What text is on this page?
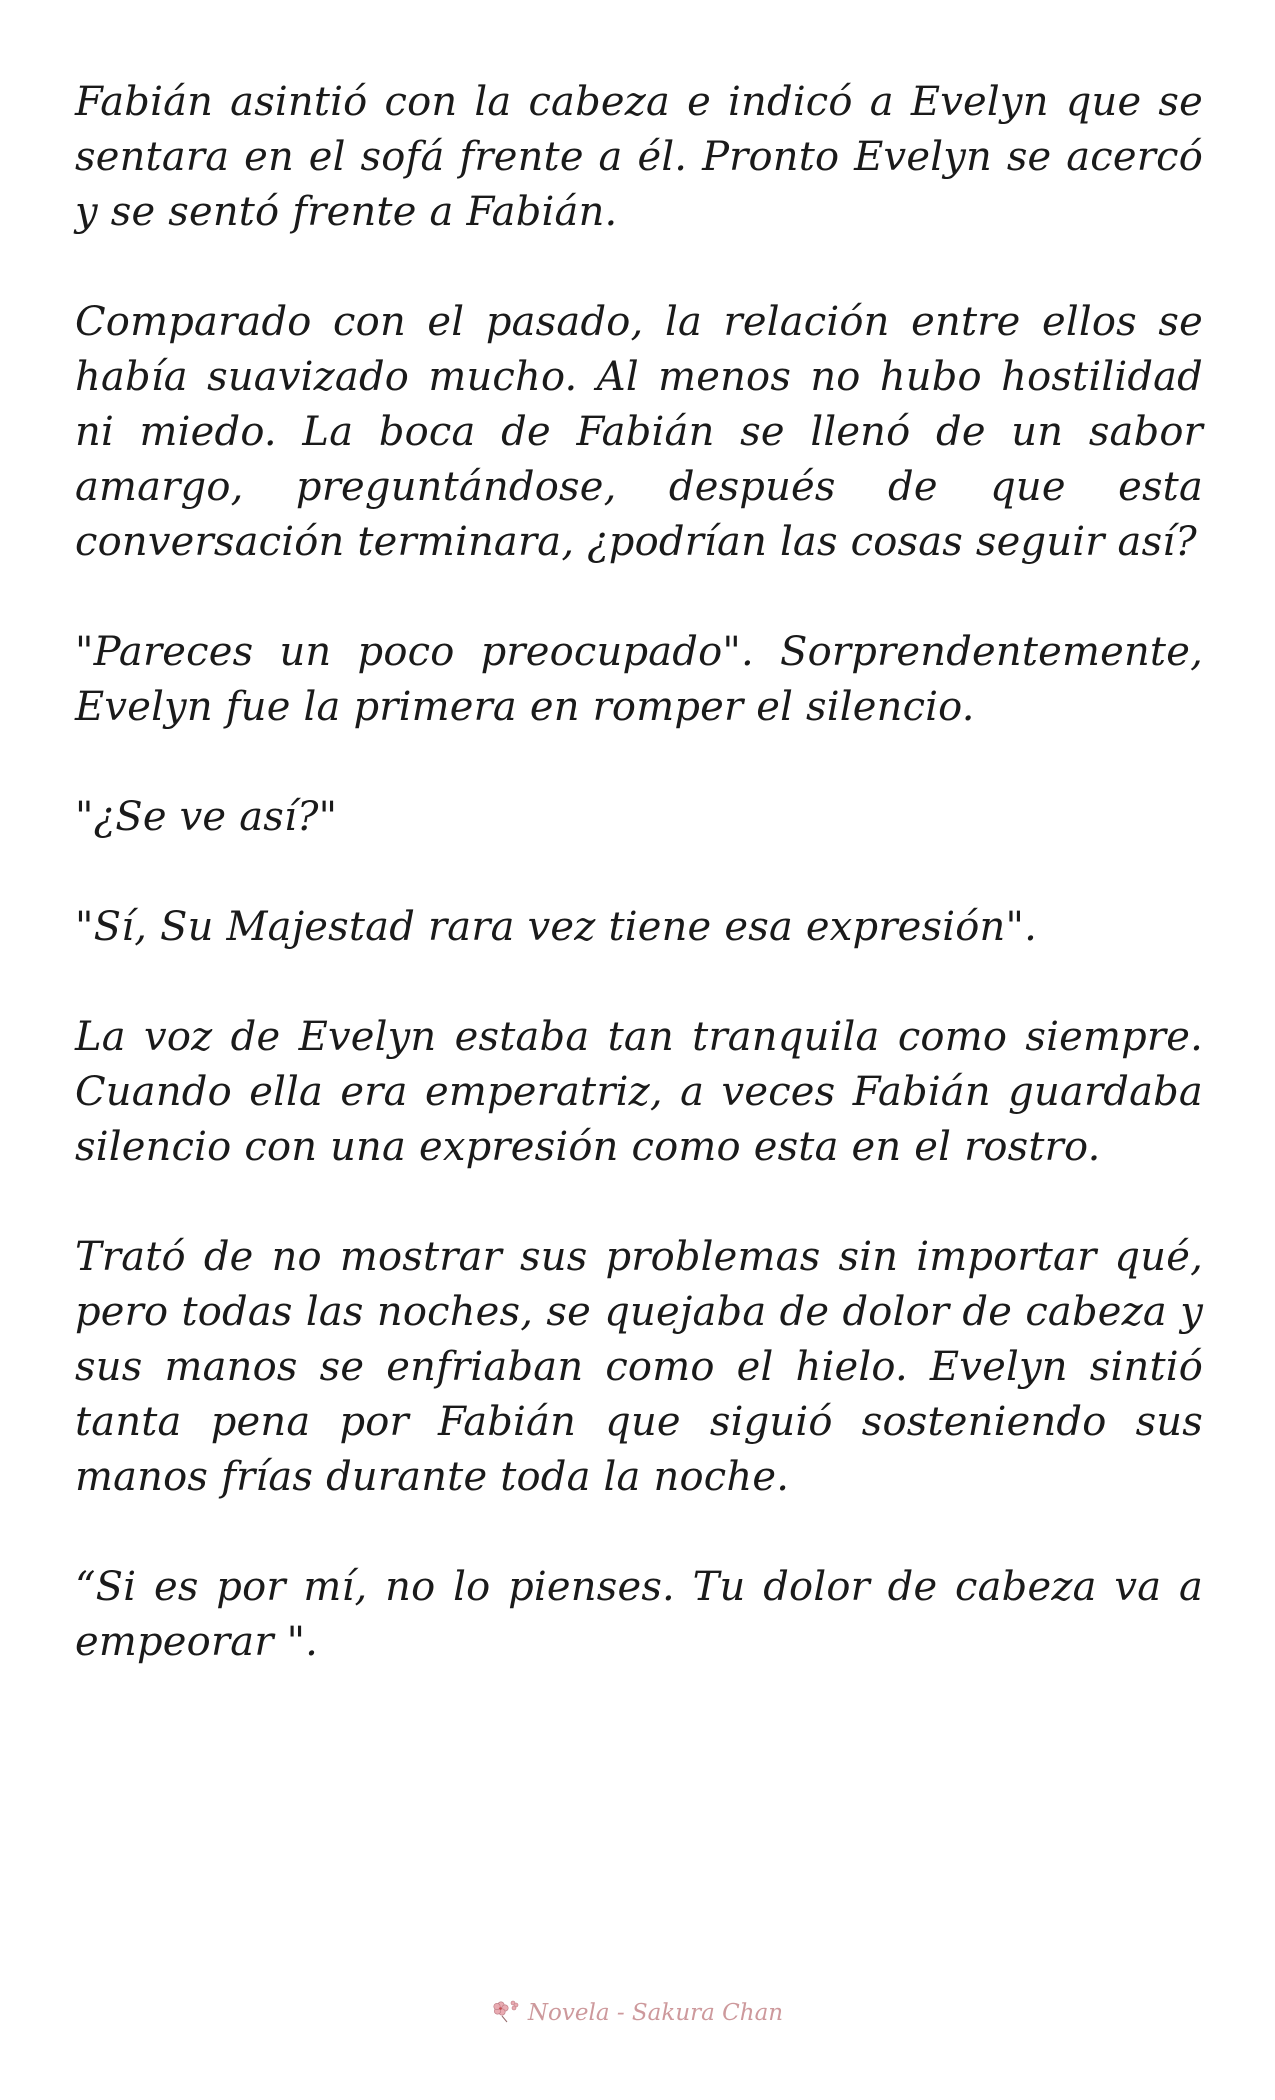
Fabián asintió con la cabeza e indicó a Evelyn que se sentara en el sofá frente a él. Pronto Evelyn se acercó y se sentó frente a Fabián.

Comparado con el pasado, la relación entre ellos se había suavizado mucho. Al menos no hubo hostilidad ni miedo. La boca de Fabián se llenó de un sabor amargo, preguntándose, después de que esta conversación terminara, ¿podrían las cosas seguir así?

"Pareces un poco preocupado". Sorprendentemente, Evelyn fue la primera en romper el silencio.

"¿Se ve así?"

"Sí, Su Majestad rara vez tiene esa expresión".

La voz de Evelyn estaba tan tranquila como siempre. Cuando ella era emperatriz, a veces Fabián guardaba silencio con una expresión como esta en el rostro.

Trató de no mostrar sus problemas sin importar qué, pero todas las noches, se quejaba de dolor de cabeza y sus manos se enfriaban como el hielo. Evelyn sintió tanta pena por Fabián que siguió sosteniendo sus manos frías durante toda la noche.

“Si es por mí, no lo pienses. Tu dolor de cabeza va a empeorar ".

Novela - Sakura Chan
